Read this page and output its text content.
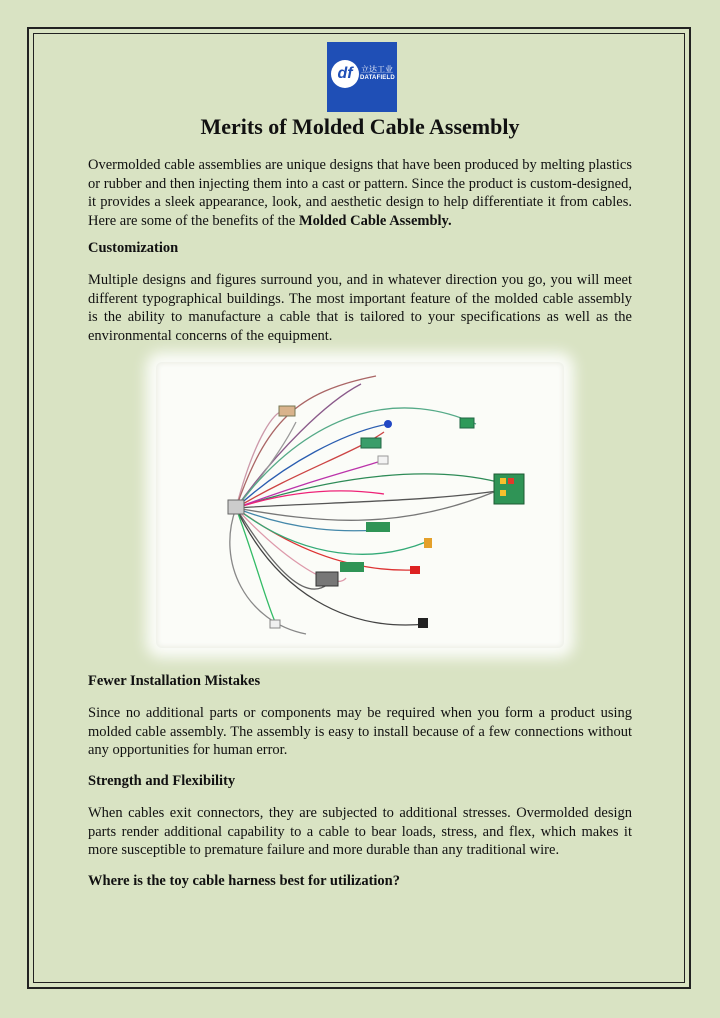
df	立达工业
DATAFIELD
Merits of Molded Cable Assembly

Overmolded cable assemblies are unique designs that have been produced by melting plastics or rubber and then injecting them into a cast or pattern. Since the product is custom-designed, it provides a sleek appearance, look, and aesthetic design to help differentiate it from cables. Here are some of the benefits of the Molded Cable Assembly.

Customization

Multiple designs and figures surround you, and in whatever direction you go, you will meet different typographical buildings. The most important feature of the molded cable assembly is the ability to manufacture a cable that is tailored to your specifications as well as the environmental concerns of the equipment.

Fewer Installation Mistakes

Since no additional parts or components may be required when you form a product using molded cable assembly. The assembly is easy to install because of a few connections without any opportunities for human error.

Strength and Flexibility

When cables exit connectors, they are subjected to additional stresses. Overmolded design parts render additional capability to a cable to bear loads, stress, and flex, which makes it more susceptible to premature failure and more durable than any traditional wire.

Where is the toy cable harness best for utilization?
